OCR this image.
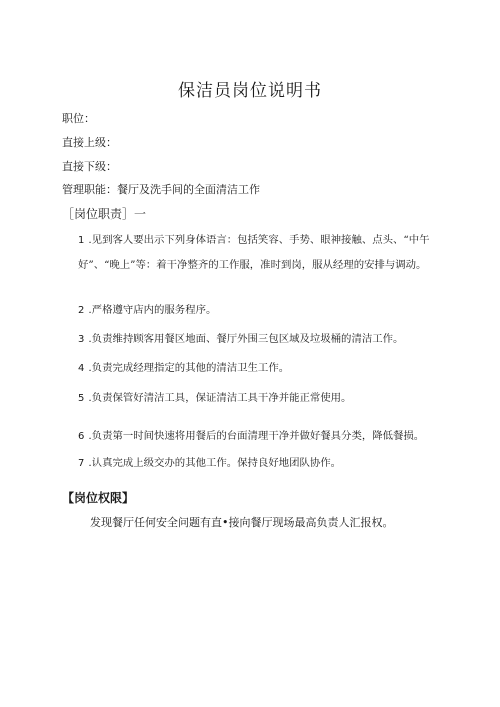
保洁员岗位说明书
职位：
直接上级：
直接下级：
管理职能：餐厅及洗手间的全面清洁工作
［岗位职责］一
1 .见到客人要出示下列身体语言：包括笑容、手势、眼神接触、点头、“中午好”、“晚上”等：着干净整齐的工作服，准时到岗，服从经理的安排与调动。
2 .严格遵守店内的服务程序。
3 .负责维持顾客用餐区地面、餐厅外围三包区域及垃圾桶的清洁工作。
4 .负责完成经理指定的其他的清洁卫生工作。
5 .负责保管好清洁工具，保证清洁工具干净并能正常使用。
6 .负责第一时间快速将用餐后的台面清理干净并做好餐具分类，降低餐损。
7 .认真完成上级交办的其他工作。保持良好地团队协作。
【岗位权限】
发现餐厅任何安全问题有直•接向餐厅现场最高负责人汇报权。
